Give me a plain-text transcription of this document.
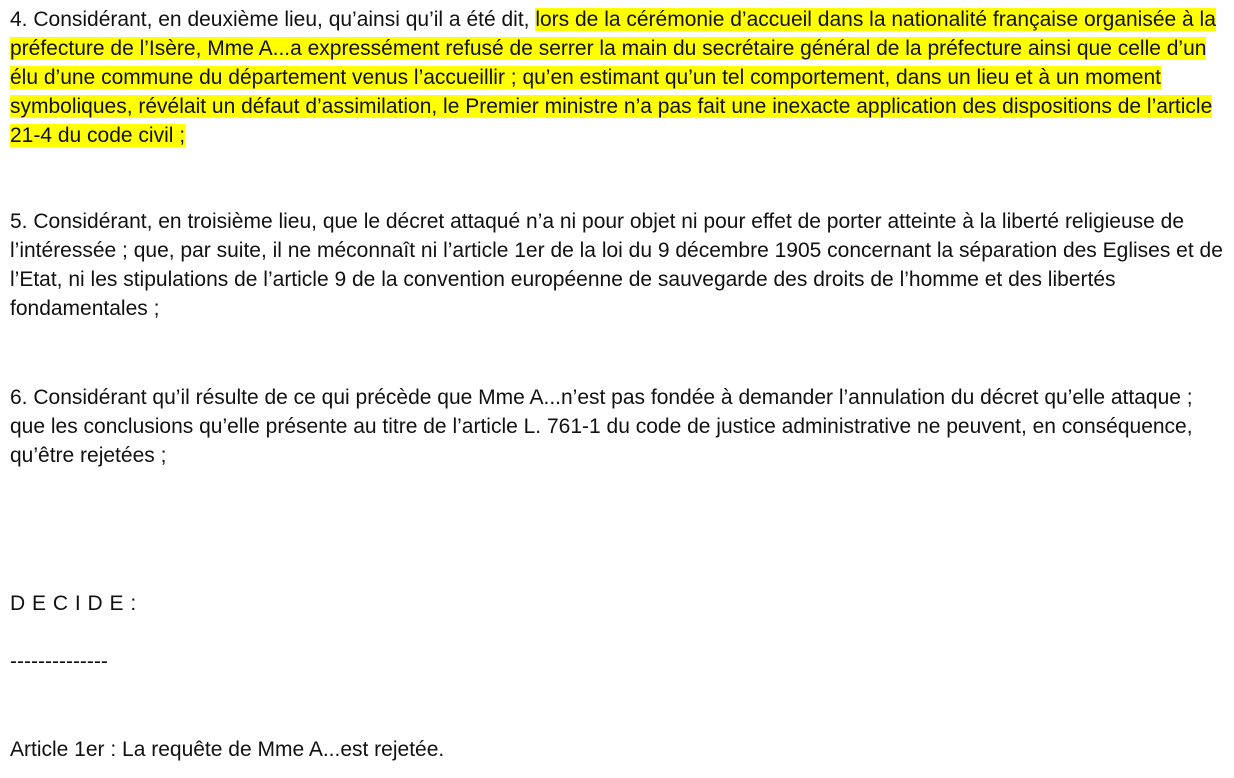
4. Considérant, en deuxième lieu, qu’ainsi qu’il a été dit, lors de la cérémonie d’accueil dans la nationalité française organisée à la préfecture de l’Isère, Mme A...a expressément refusé de serrer la main du secrétaire général de la préfecture ainsi que celle d’un élu d’une commune du département venus l’accueillir ; qu’en estimant qu’un tel comportement, dans un lieu et à un moment symboliques, révélait un défaut d’assimilation, le Premier ministre n’a pas fait une inexacte application des dispositions de l’article 21-4 du code civil ;

5. Considérant, en troisième lieu, que le décret attaqué n’a ni pour objet ni pour effet de porter atteinte à la liberté religieuse de l’intéressée ; que, par suite, il ne méconnaît ni l’article 1er de la loi du 9 décembre 1905 concernant la séparation des Eglises et de l’Etat, ni les stipulations de l’article 9 de la convention européenne de sauvegarde des droits de l’homme et des libertés fondamentales ;

6. Considérant qu’il résulte de ce qui précède que Mme A...n’est pas fondée à demander l’annulation du décret qu’elle attaque ; que les conclusions qu’elle présente au titre de l’article L. 761-1 du code de justice administrative ne peuvent, en conséquence, qu’être rejetées ;

D E C I D E :

--------------

Article 1er : La requête de Mme A...est rejetée.
